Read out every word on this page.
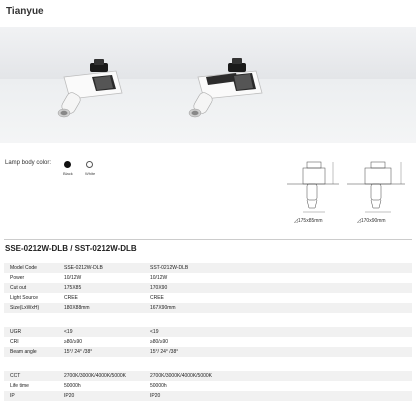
Tianyue
Lamp body color:
Black	White
◿175x85mm	◿170x90mm
SSE-0212W-DLB / SST-0212W-DLB
Model Code	SSE-0212W-DLB	SST-0212W-DLB
Power	10/12W	10/12W
Cut out	175X85	170X90
Light Source	CREE	CREE
Size(LxWxH)	180X88mm	167X90mm
UGR	<19	<19
CRI	≥80/≥90	≥80/≥90
Beam angle	15°/ 24° /38°	15°/ 24° /38°
CCT	2700K/3000K/4000K/5000K	2700K/3000K/4000K/5000K
Life time	50000h	50000h
IP	IP20	IP20
